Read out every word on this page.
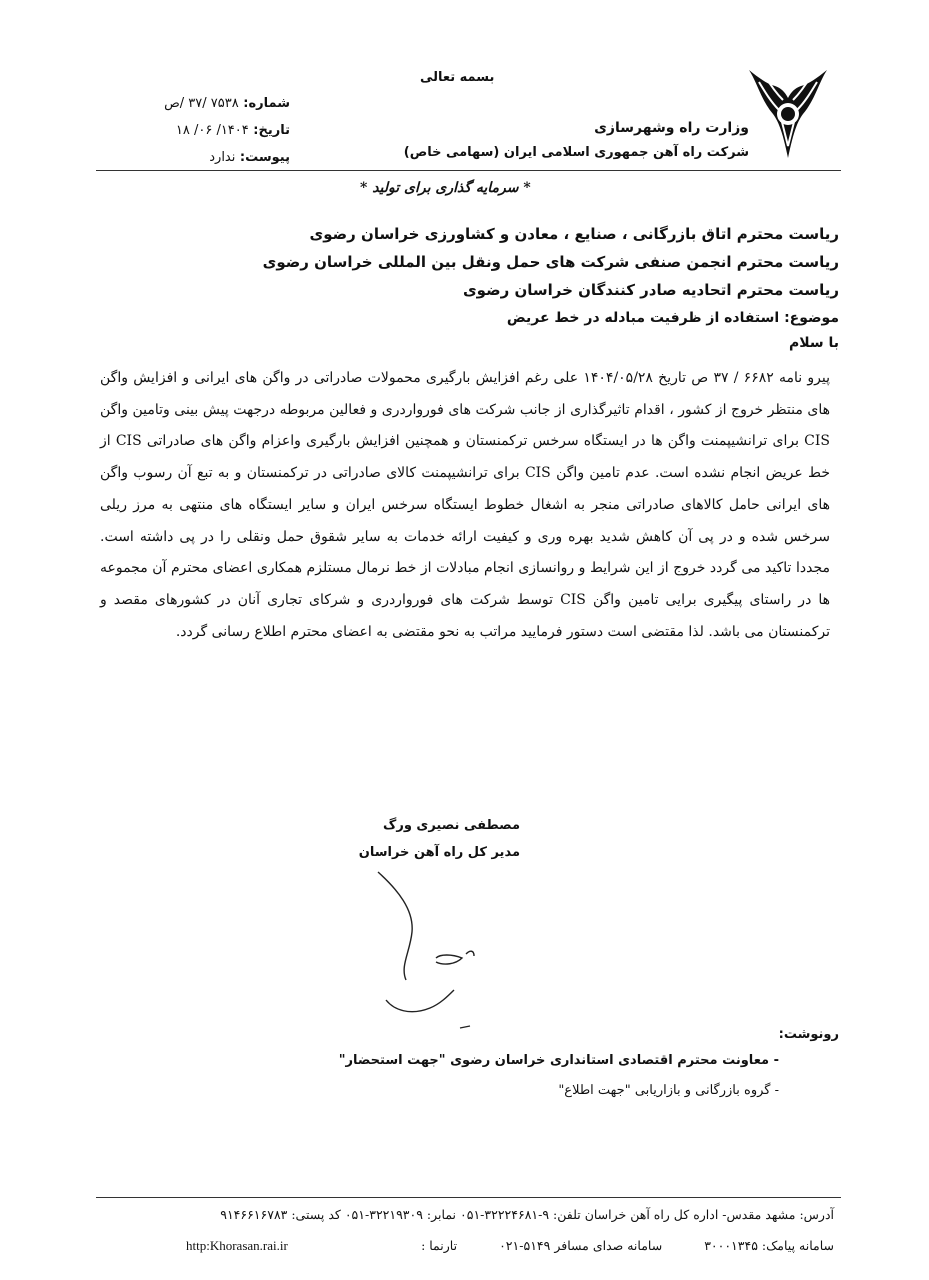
بسمه تعالی
وزارت راه وشهرسازی
شرکت راه آهن جمهوری اسلامی ایران (سهامی خاص)
شماره: ۷۵۳۸ /۳۷ /ص
تاریخ: ۱۴۰۴/ ۰۶/ ۱۸
پیوست: ندارد
* سرمایه گذاری برای تولید *
ریاست محترم اتاق بازرگانی ، صنایع ، معادن و کشاورزی خراسان رضوی
ریاست محترم انجمن صنفی شرکت های حمل ونقل بین المللی خراسان رضوی
ریاست محترم اتحادیه صادر کنندگان خراسان رضوی
موضوع: استفاده از ظرفیت مبادله در خط عریض
با سلام
پیرو نامه ۶۶۸۲ / ۳۷ ص تاریخ ۱۴۰۴/۰۵/۲۸ علی رغم افزایش بارگیری محمولات صادراتی در واگن های ایرانی و افزایش واگن های منتظر خروج از کشور ، اقدام تاثیرگذاری از جانب شرکت های فورواردری و فعالین مربوطه درجهت پیش بینی وتامین واگن CIS برای ترانشیپمنت واگن ها در ایستگاه سرخس ترکمنستان و همچنین افزایش بارگیری واعزام واگن های صادراتی CIS از خط عریض انجام نشده است. عدم تامین واگن CIS برای ترانشیپمنت کالای صادراتی در ترکمنستان و به تبع آن رسوب واگن های ایرانی حامل کالاهای صادراتی منجر به اشغال خطوط ایستگاه سرخس ایران و سایر ایستگاه های منتهی به مرز ریلی سرخس شده و در پی آن کاهش شدید بهره وری و کیفیت ارائه خدمات به سایر شقوق حمل ونقلی را در پی داشته است. مجددا تاکید می گردد خروج از این شرایط و روانسازی انجام مبادلات از خط نرمال مستلزم همکاری اعضای محترم آن مجموعه ها در راستای پیگیری برایی تامین واگن CIS توسط شرکت های فورواردری و شرکای تجاری آنان در کشورهای مقصد و ترکمنستان می باشد. لذا مقتضی است دستور فرمایید مراتب به نحو مقتضی به اعضای محترم اطلاع رسانی گردد.
مصطفی نصیری ورگ
مدیر کل راه آهن خراسان
رونوشت:
- معاونت محترم اقتصادی استانداری خراسان رضوی "جهت استحضار"
- گروه بازرگانی و بازاریابی "جهت اطلاع"
آدرس: مشهد مقدس- اداره کل راه آهن خراسان تلفن: ۹-۳۲۲۲۴۶۸۱-۰۵۱ نمابر: ۳۲۲۱۹۳۰۹-۰۵۱ کد پستی: ۹۱۴۶۶۱۶۷۸۳
سامانه پیامک: ۳۰۰۰۱۳۴۵سامانه صدای مسافر ۵۱۴۹-۰۲۱تارنما :
http:Khorasan.rai.ir
